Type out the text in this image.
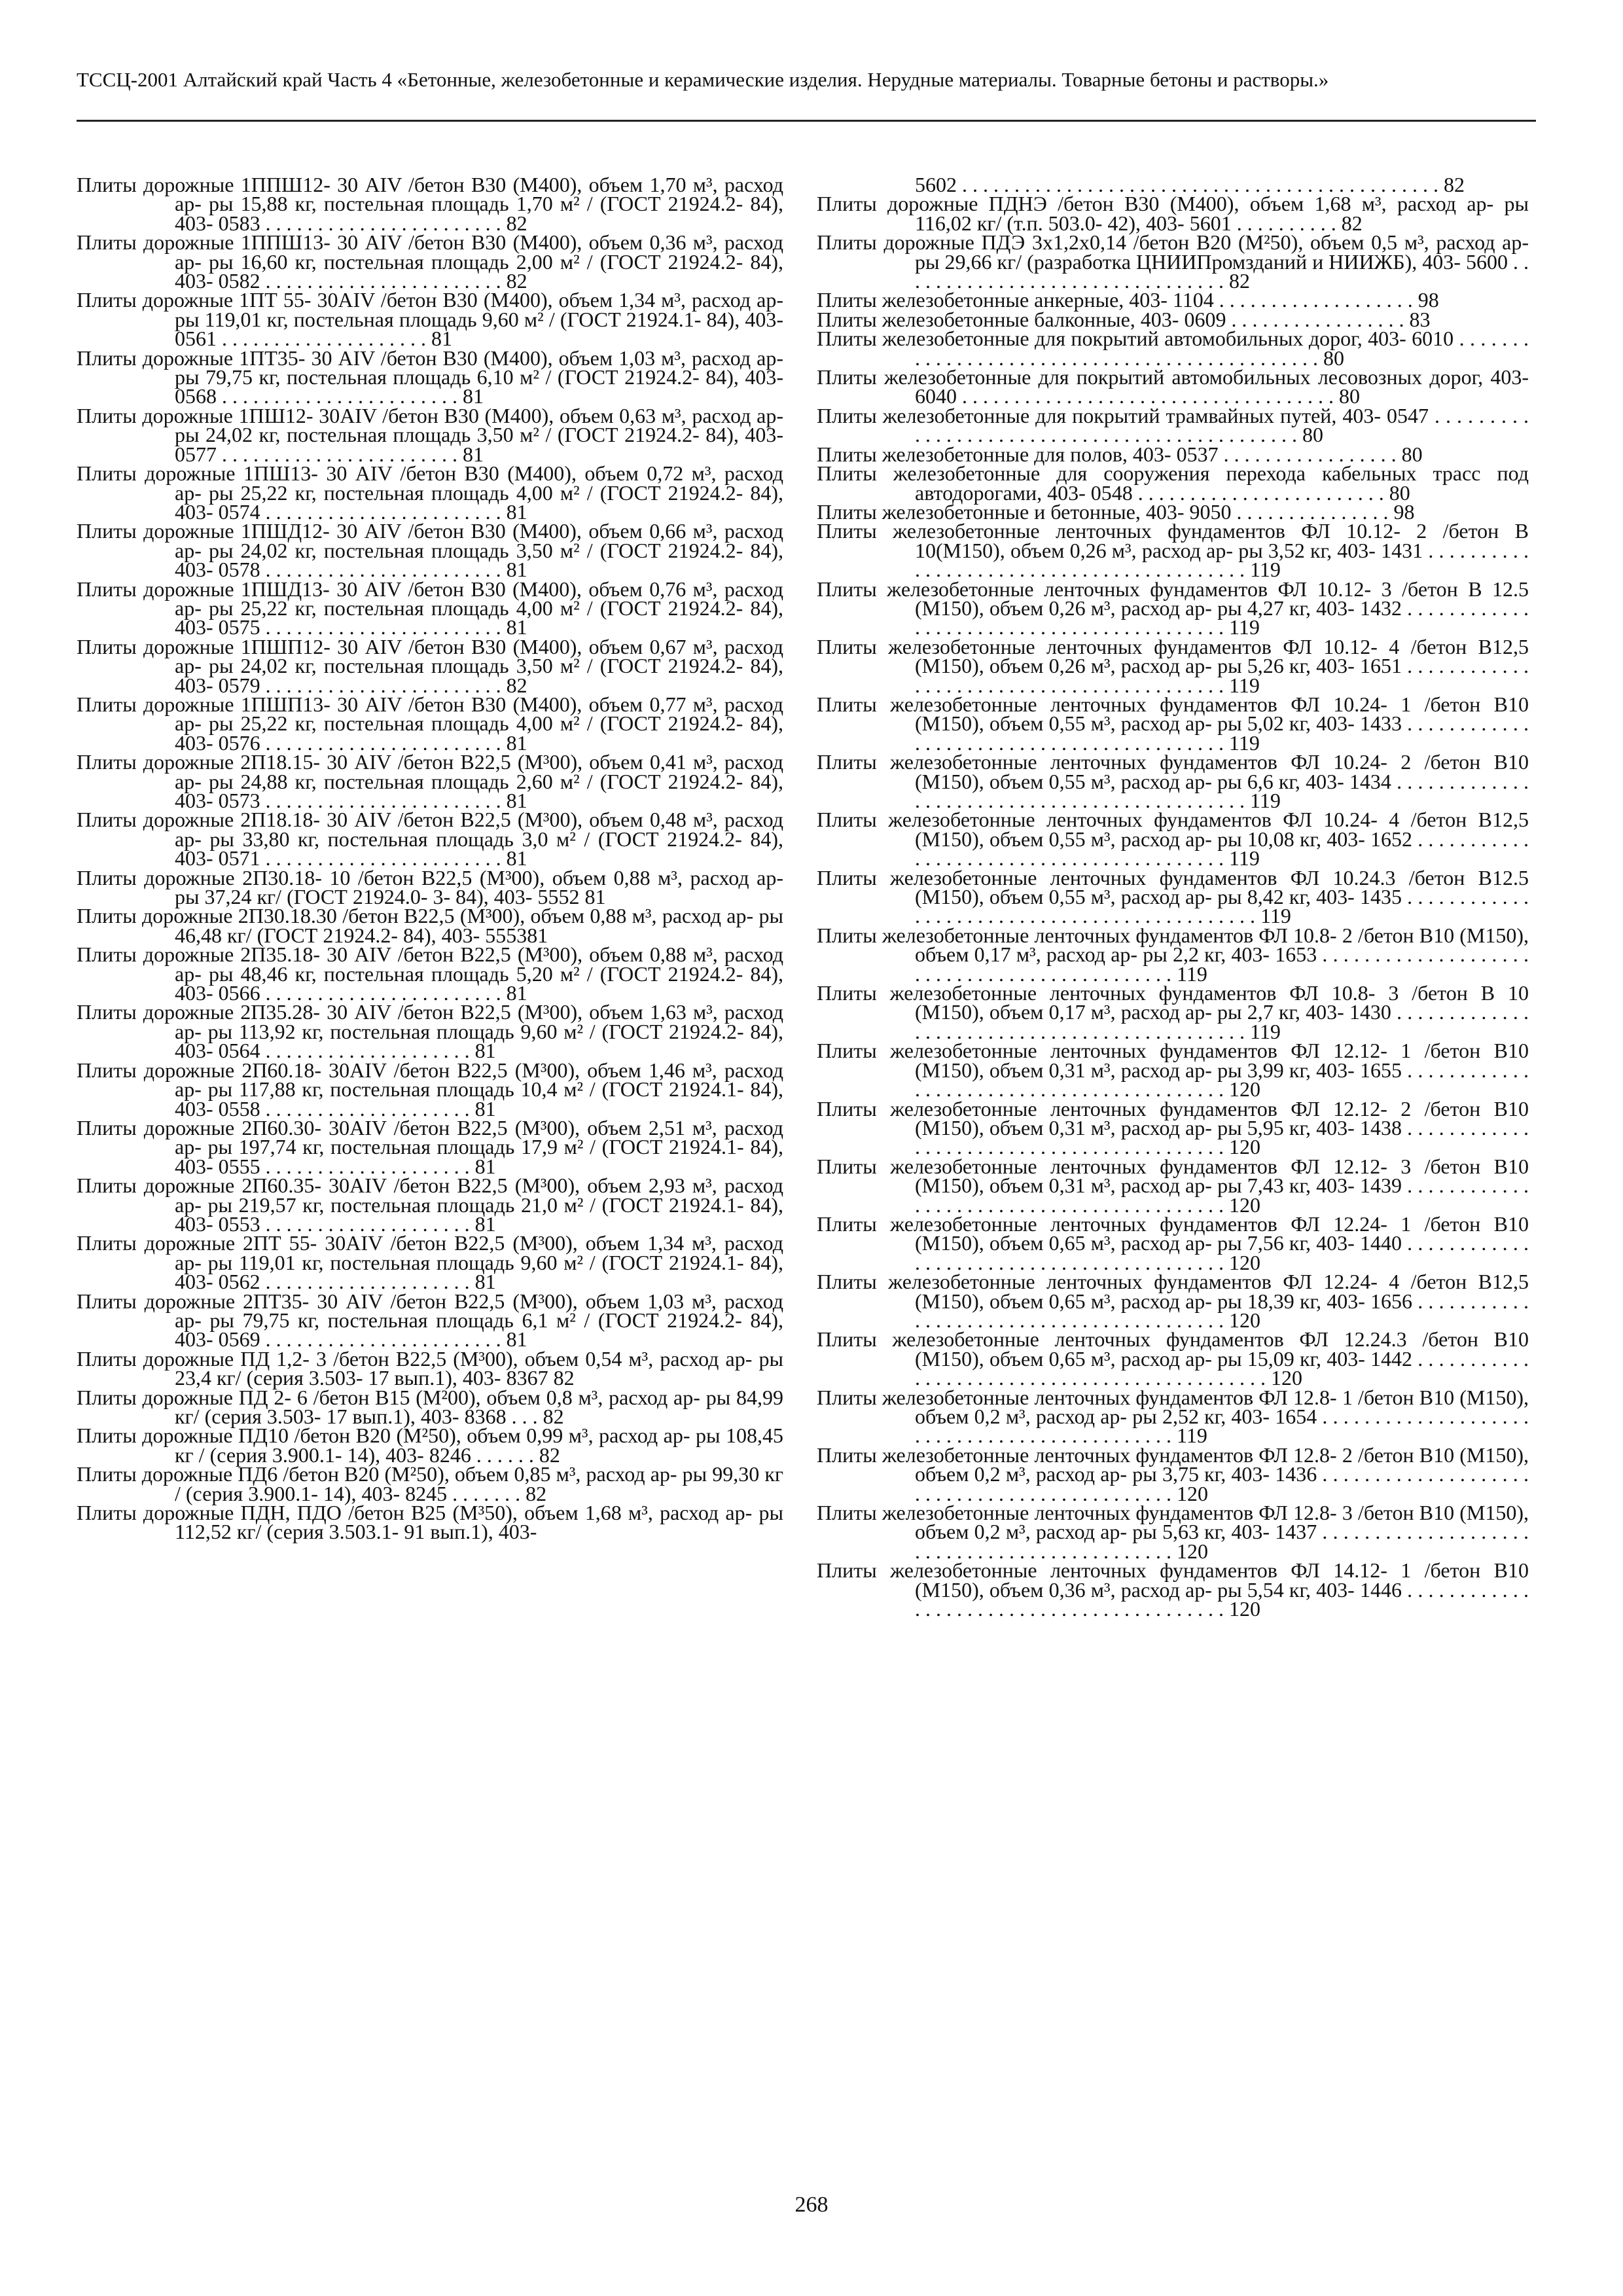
ТССЦ-2001 Алтайский край Часть 4 «Бетонные, железобетонные и керамические изделия. Нерудные материалы. Товарные бетоны и растворы.»
Плиты дорожные 1ППШ12- 30 AIV /бетон B30 (М400), объем 1,70 м³, расход ар- ры 15,88 кг, постельная площадь 1,70 м² / (ГОСТ 21924.2- 84), 403- 0583 . . . . . . . . . . . . . . . . . . . . . . . 82
Плиты дорожные 1ППШ13- 30 AIV /бетон B30 (М400), объем 0,36 м³, расход ар- ры 16,60 кг, постельная площадь 2,00 м² / (ГОСТ 21924.2- 84), 403- 0582 . . . . . . . . . . . . . . . . . . . . . . . 82
Плиты дорожные 1ПТ 55- 30AIV /бетон В30 (М400), объем 1,34 м³, расход ар- ры 119,01 кг, постельная площадь 9,60 м² / (ГОСТ 21924.1- 84), 403- 0561 . . . . . . . . . . . . . . . . . . . . 81
Плиты дорожные 1ПТ35- 30 AIV /бетон В30 (М400), объем 1,03 м³, расход ар- ры 79,75 кг, постельная площадь 6,10 м² / (ГОСТ 21924.2- 84), 403- 0568 . . . . . . . . . . . . . . . . . . . . . . . 81
Плиты дорожные 1ПШ12- 30AIV /бетон B30 (М400), объем 0,63 м³, расход ар- ры 24,02 кг, постельная площадь 3,50 м² / (ГОСТ 21924.2- 84), 403- 0577 . . . . . . . . . . . . . . . . . . . . . . . 81
Плиты дорожные 1ПШ13- 30 AIV /бетон B30 (М400), объем 0,72 м³, расход ар- ры 25,22 кг, постельная площадь 4,00 м² / (ГОСТ 21924.2- 84), 403- 0574 . . . . . . . . . . . . . . . . . . . . . . . 81
Плиты дорожные 1ПШД12- 30 AIV /бетон B30 (М400), объем 0,66 м³, расход ар- ры 24,02 кг, постельная площадь 3,50 м² / (ГОСТ 21924.2- 84), 403- 0578 . . . . . . . . . . . . . . . . . . . . . . . 81
Плиты дорожные 1ПШД13- 30 AIV /бетон B30 (М400), объем 0,76 м³, расход ар- ры 25,22 кг, постельная площадь 4,00 м² / (ГОСТ 21924.2- 84), 403- 0575 . . . . . . . . . . . . . . . . . . . . . . . 81
Плиты дорожные 1ПШП12- 30 AIV /бетон B30 (М400), объем 0,67 м³, расход ар- ры 24,02 кг, постельная площадь 3,50 м² / (ГОСТ 21924.2- 84), 403- 0579 . . . . . . . . . . . . . . . . . . . . . . . 82
Плиты дорожные 1ПШП13- 30 AIV /бетон B30 (М400), объем 0,77 м³, расход ар- ры 25,22 кг, постельная площадь 4,00 м² / (ГОСТ 21924.2- 84), 403- 0576 . . . . . . . . . . . . . . . . . . . . . . . 81
Плиты дорожные 2П18.15- 30 AIV /бетон B22,5 (М³00), объем 0,41 м³, расход ар- ры 24,88 кг, постельная площадь 2,60 м² / (ГОСТ 21924.2- 84), 403- 0573 . . . . . . . . . . . . . . . . . . . . . . . 81
Плиты дорожные 2П18.18- 30 AIV /бетон B22,5 (М³00), объем 0,48 м³, расход ар- ры 33,80 кг, постельная площадь 3,0 м² / (ГОСТ 21924.2- 84), 403- 0571 . . . . . . . . . . . . . . . . . . . . . . . 81
Плиты дорожные 2П30.18- 10 /бетон B22,5 (М³00), объем 0,88 м³, расход ар- ры 37,24 кг/ (ГОСТ 21924.0- 3- 84), 403- 5552 81
Плиты дорожные 2П30.18.30 /бетон B22,5 (М³00), объем 0,88 м³, расход ар- ры 46,48 кг/ (ГОСТ 21924.2- 84), 403- 555381
Плиты дорожные 2П35.18- 30 AIV /бетон B22,5 (М³00), объем 0,88 м³, расход ар- ры 48,46 кг, постельная площадь 5,20 м² / (ГОСТ 21924.2- 84), 403- 0566 . . . . . . . . . . . . . . . . . . . . . . . 81
Плиты дорожные 2П35.28- 30 AIV /бетон B22,5 (М³00), объем 1,63 м³, расход ар- ры 113,92 кг, постельная площадь 9,60 м² / (ГОСТ 21924.2- 84), 403- 0564 . . . . . . . . . . . . . . . . . . . . 81
Плиты дорожные 2П60.18- 30AIV /бетон B22,5 (М³00), объем 1,46 м³, расход ар- ры 117,88 кг, постельная площадь 10,4 м² / (ГОСТ 21924.1- 84), 403- 0558 . . . . . . . . . . . . . . . . . . . . 81
Плиты дорожные 2П60.30- 30AIV /бетон B22,5 (М³00), объем 2,51 м³, расход ар- ры 197,74 кг, постельная площадь 17,9 м² / (ГОСТ 21924.1- 84), 403- 0555 . . . . . . . . . . . . . . . . . . . . 81
Плиты дорожные 2П60.35- 30AIV /бетон B22,5 (М³00), объем 2,93 м³, расход ар- ры 219,57 кг, постельная площадь 21,0 м² / (ГОСТ 21924.1- 84), 403- 0553 . . . . . . . . . . . . . . . . . . . . 81
Плиты дорожные 2ПТ 55- 30AIV /бетон B22,5 (М³00), объем 1,34 м³, расход ар- ры 119,01 кг, постельная площадь 9,60 м² / (ГОСТ 21924.1- 84), 403- 0562 . . . . . . . . . . . . . . . . . . . . 81
Плиты дорожные 2ПТ35- 30 AIV /бетон B22,5 (М³00), объем 1,03 м³, расход ар- ры 79,75 кг, постельная площадь 6,1 м² / (ГОСТ 21924.2- 84), 403- 0569 . . . . . . . . . . . . . . . . . . . . . . . 81
Плиты дорожные ПД 1,2- 3 /бетон B22,5 (М³00), объем 0,54 м³, расход ар- ры 23,4 кг/ (серия 3.503- 17 вып.1), 403- 8367 82
Плиты дорожные ПД 2- 6 /бетон B15 (М²00), объем 0,8 м³, расход ар- ры 84,99 кг/ (серия 3.503- 17 вып.1), 403- 8368 . . . 82
Плиты дорожные ПД10 /бетон B20 (М²50), объем 0,99 м³, расход ар- ры 108,45 кг / (серия 3.900.1- 14), 403- 8246 . . . . . . 82
Плиты дорожные ПД6 /бетон B20 (М²50), объем 0,85 м³, расход ар- ры 99,30 кг / (серия 3.900.1- 14), 403- 8245 . . . . . . . 82
Плиты дорожные ПДН, ПДО /бетон B25 (М³50), объем 1,68 м³, расход ар- ры 112,52 кг/ (серия 3.503.1- 91 вып.1), 403-
5602 . . . . . . . . . . . . . . . . . . . . . . . . . . . . . . . . . . . . . . . . . . . . . . 82
Плиты дорожные ПДНЭ /бетон B30 (М400), объем 1,68 м³, расход ар- ры 116,02 кг/ (т.п. 503.0- 42), 403- 5601 . . . . . . . . . . 82
Плиты дорожные ПДЭ 3х1,2х0,14 /бетон B20 (М²50), объем 0,5 м³, расход ар- ры 29,66 кг/ (разработка ЦНИИПромзданий и НИИЖБ), 403- 5600 . . . . . . . . . . . . . . . . . . . . . . . . . . . . . . . . 82
Плиты железобетонные анкерные, 403- 1104 . . . . . . . . . . . . . . . . . . . 98
Плиты железобетонные балконные, 403- 0609 . . . . . . . . . . . . . . . . . 83
Плиты железобетонные для покрытий автомобильных дорог, 403- 6010 . . . . . . . . . . . . . . . . . . . . . . . . . . . . . . . . . . . . . . . . . . . . . . 80
Плиты железобетонные для покрытий автомобильных лесовозных дорог, 403- 6040 . . . . . . . . . . . . . . . . . . . . . . . . . . . . . . . . . . . . 80
Плиты железобетонные для покрытий трамвайных путей, 403- 0547 . . . . . . . . . . . . . . . . . . . . . . . . . . . . . . . . . . . . . . . . . . . . . . 80
Плиты железобетонные для полов, 403- 0537 . . . . . . . . . . . . . . . . . 80
Плиты железобетонные для сооружения перехода кабельных трасс под автодорогами, 403- 0548 . . . . . . . . . . . . . . . . . . . . . . . . 80
Плиты железобетонные и бетонные, 403- 9050 . . . . . . . . . . . . . . . 98
Плиты железобетонные ленточных фундаментов ФЛ 10.12- 2 /бетон В 10(М150), объем 0,26 м³, расход ар- ры 3,52 кг, 403- 1431 . . . . . . . . . . . . . . . . . . . . . . . . . . . . . . . . . . . . . . . . . . 119
Плиты железобетонные ленточных фундаментов ФЛ 10.12- 3 /бетон В 12.5 (М150), объем 0,26 м³, расход ар- ры 4,27 кг, 403- 1432 . . . . . . . . . . . . . . . . . . . . . . . . . . . . . . . . . . . . . . . . . . 119
Плиты железобетонные ленточных фундаментов ФЛ 10.12- 4 /бетон В12,5 (М150), объем 0,26 м³, расход ар- ры 5,26 кг, 403- 1651 . . . . . . . . . . . . . . . . . . . . . . . . . . . . . . . . . . . . . . . . . . 119
Плиты железобетонные ленточных фундаментов ФЛ 10.24- 1 /бетон В10 (М150), объем 0,55 м³, расход ар- ры 5,02 кг, 403- 1433 . . . . . . . . . . . . . . . . . . . . . . . . . . . . . . . . . . . . . . . . . . 119
Плиты железобетонные ленточных фундаментов ФЛ 10.24- 2 /бетон В10 (М150), объем 0,55 м³, расход ар- ры 6,6 кг, 403- 1434 . . . . . . . . . . . . . . . . . . . . . . . . . . . . . . . . . . . . . . . . . . . . . 119
Плиты железобетонные ленточных фундаментов ФЛ 10.24- 4 /бетон В12,5 (М150), объем 0,55 м³, расход ар- ры 10,08 кг, 403- 1652 . . . . . . . . . . . . . . . . . . . . . . . . . . . . . . . . . . . . . . . . . 119
Плиты железобетонные ленточных фундаментов ФЛ 10.24.3 /бетон В12.5 (М150), объем 0,55 м³, расход ар- ры 8,42 кг, 403- 1435 . . . . . . . . . . . . . . . . . . . . . . . . . . . . . . . . . . . . . . . . . . . . . 119
Плиты железобетонные ленточных фундаментов ФЛ 10.8- 2 /бетон В10 (М150), объем 0,17 м³, расход ар- ры 2,2 кг, 403- 1653 . . . . . . . . . . . . . . . . . . . . . . . . . . . . . . . . . . . . . . . . . . . . . 119
Плиты железобетонные ленточных фундаментов ФЛ 10.8- 3 /бетон В 10 (М150), объем 0,17 м³, расход ар- ры 2,7 кг, 403- 1430 . . . . . . . . . . . . . . . . . . . . . . . . . . . . . . . . . . . . . . . . . . . . . 119
Плиты железобетонные ленточных фундаментов ФЛ 12.12- 1 /бетон В10 (М150), объем 0,31 м³, расход ар- ры 3,99 кг, 403- 1655 . . . . . . . . . . . . . . . . . . . . . . . . . . . . . . . . . . . . . . . . . . 120
Плиты железобетонные ленточных фундаментов ФЛ 12.12- 2 /бетон В10 (М150), объем 0,31 м³, расход ар- ры 5,95 кг, 403- 1438 . . . . . . . . . . . . . . . . . . . . . . . . . . . . . . . . . . . . . . . . . . 120
Плиты железобетонные ленточных фундаментов ФЛ 12.12- 3 /бетон В10 (М150), объем 0,31 м³, расход ар- ры 7,43 кг, 403- 1439 . . . . . . . . . . . . . . . . . . . . . . . . . . . . . . . . . . . . . . . . . . 120
Плиты железобетонные ленточных фундаментов ФЛ 12.24- 1 /бетон В10 (М150), объем 0,65 м³, расход ар- ры 7,56 кг, 403- 1440 . . . . . . . . . . . . . . . . . . . . . . . . . . . . . . . . . . . . . . . . . . 120
Плиты железобетонные ленточных фундаментов ФЛ 12.24- 4 /бетон В12,5 (М150), объем 0,65 м³, расход ар- ры 18,39 кг, 403- 1656 . . . . . . . . . . . . . . . . . . . . . . . . . . . . . . . . . . . . . . . . . 120
Плиты железобетонные ленточных фундаментов ФЛ 12.24.3 /бетон В10 (М150), объем 0,65 м³, расход ар- ры 15,09 кг, 403- 1442 . . . . . . . . . . . . . . . . . . . . . . . . . . . . . . . . . . . . . . . . . . . . . 120
Плиты железобетонные ленточных фундаментов ФЛ 12.8- 1 /бетон В10 (М150), объем 0,2 м³, расход ар- ры 2,52 кг, 403- 1654 . . . . . . . . . . . . . . . . . . . . . . . . . . . . . . . . . . . . . . . . . . . . . 119
Плиты железобетонные ленточных фундаментов ФЛ 12.8- 2 /бетон В10 (М150), объем 0,2 м³, расход ар- ры 3,75 кг, 403- 1436 . . . . . . . . . . . . . . . . . . . . . . . . . . . . . . . . . . . . . . . . . . . . . 120
Плиты железобетонные ленточных фундаментов ФЛ 12.8- 3 /бетон В10 (М150), объем 0,2 м³, расход ар- ры 5,63 кг, 403- 1437 . . . . . . . . . . . . . . . . . . . . . . . . . . . . . . . . . . . . . . . . . . . . . 120
Плиты железобетонные ленточных фундаментов ФЛ 14.12- 1 /бетон В10 (М150), объем 0,36 м³, расход ар- ры 5,54 кг, 403- 1446 . . . . . . . . . . . . . . . . . . . . . . . . . . . . . . . . . . . . . . . . . . 120
268
